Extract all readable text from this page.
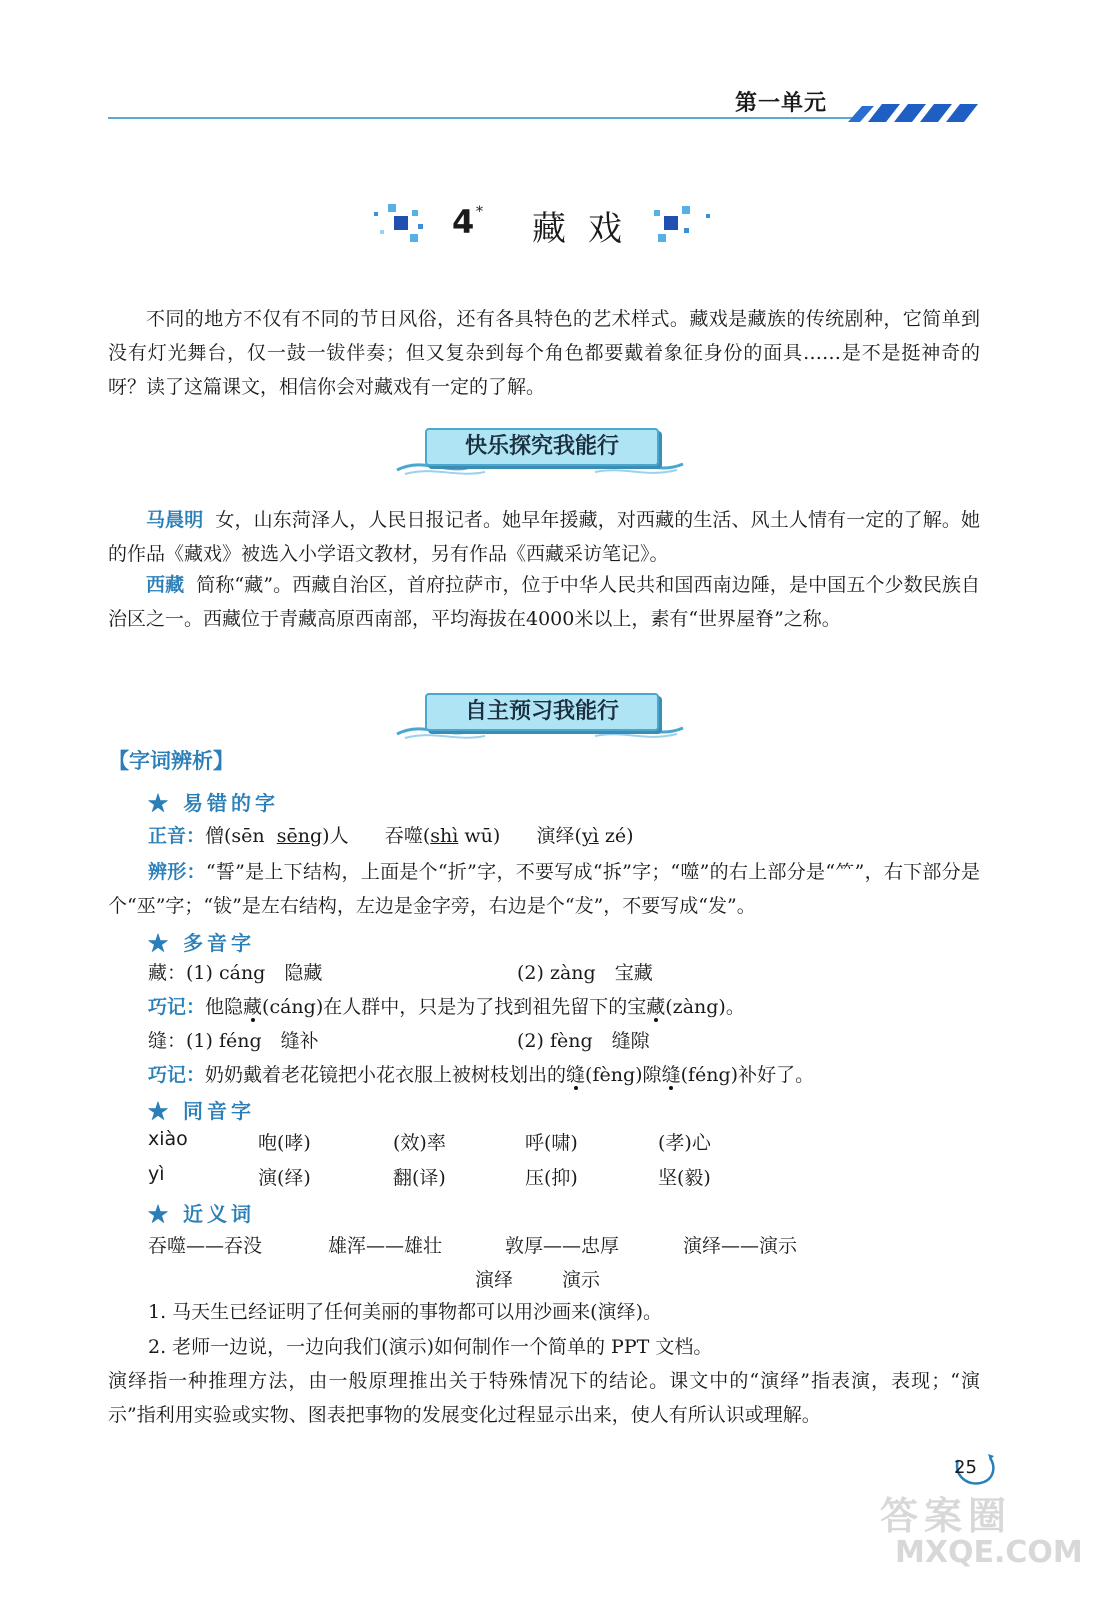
第一单元
4 * 藏戏
不同的地方不仅有不同的节日风俗，还有各具特色的艺术样式。藏戏是藏族的传统剧种，它简单到没有灯光舞台，仅一鼓一钹伴奏；但又复杂到每个角色都要戴着象征身份的面具……是不是挺神奇的呀？读了这篇课文，相信你会对藏戏有一定的了解。
快乐探究我能行
马晨明 女，山东菏泽人，人民日报记者。她早年援藏，对西藏的生活、风土人情有一定的了解。她的作品《藏戏》被选入小学语文教材，另有作品《西藏采访笔记》。
西藏 简称“藏”。西藏自治区，首府拉萨市，位于中华人民共和国西南边陲，是中国五个少数民族自治区之一。西藏位于青藏高原西南部，平均海拔在4000米以上，素有“世界屋脊”之称。
自主预习我能行
【字词辨析】
★ 易错的字
正音：僧(sēn sēng)人 吞噬(shì wū) 演绎(yì zé)
辨形：“誓”是上下结构，上面是个“折”字，不要写成“拆”字；“噬”的右上部分是“⺮”，右下部分是个“巫”字；“钹”是左右结构，左边是金字旁，右边是个“犮”，不要写成“发”。
★ 多音字
藏：(1) cáng　隐藏	(2) zàng　宝藏
巧记：他隐藏(cáng)在人群中，只是为了找到祖先留下的宝藏(zàng)。
缝：(1) féng　缝补	(2) fèng　缝隙
巧记：奶奶戴着老花镜把小花衣服上被树枝划出的缝(fèng)隙缝(féng)补好了。
★ 同音字
xiào	咆(哮)	(效)率	呼(啸)	(孝)心
yì	演(绎)	翻(译)	压(抑)	坚(毅)
★ 近义词
吞噬——吞没	雄浑——雄壮	敦厚——忠厚	演绎——演示
演绎	演示
1. 马天生已经证明了任何美丽的事物都可以用沙画来(演绎)。
2. 老师一边说，一边向我们(演示)如何制作一个简单的 PPT 文档。
演绎指一种推理方法，由一般原理推出关于特殊情况下的结论。课文中的“演绎”指表演，表现；“演示”指利用实验或实物、图表把事物的发展变化过程显示出来，使人有所认识或理解。
25
答案圈
MXQE.COM
